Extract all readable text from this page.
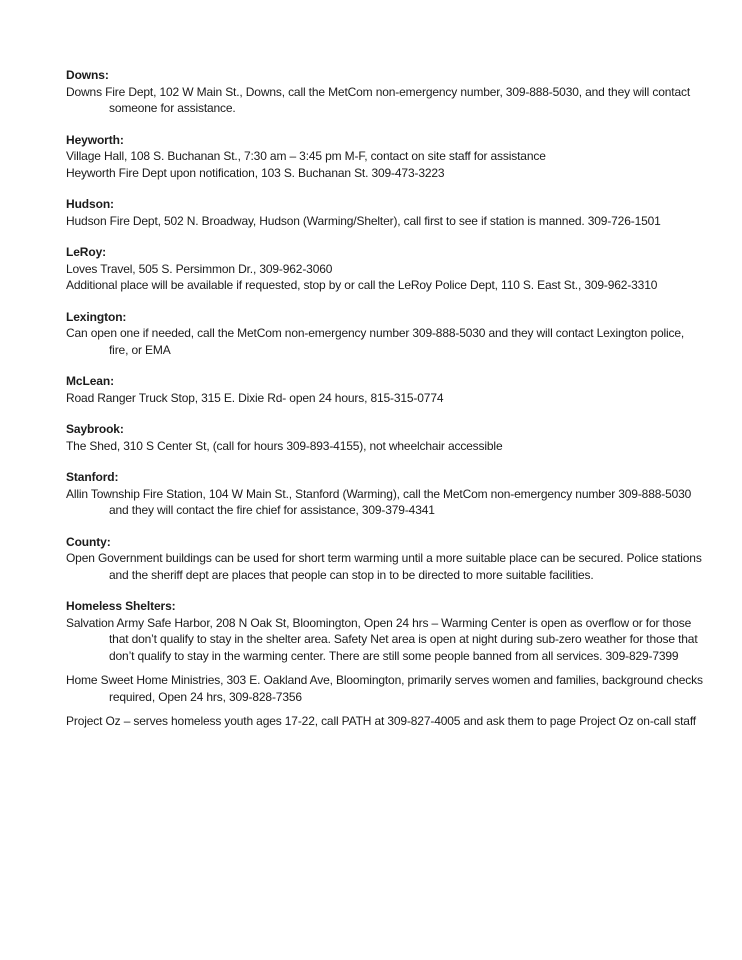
Downs:
Downs Fire Dept, 102 W Main St., Downs, call the MetCom non-emergency number, 309-888-5030, and they will contact someone for assistance.
Heyworth:
Village Hall, 108 S. Buchanan St., 7:30 am – 3:45 pm M-F, contact on site staff for assistance
Heyworth Fire Dept upon notification, 103 S. Buchanan St. 309-473-3223
Hudson:
Hudson Fire Dept, 502 N. Broadway, Hudson (Warming/Shelter), call first to see if station is manned. 309-726-1501
LeRoy:
Loves Travel, 505 S. Persimmon Dr., 309-962-3060
Additional place will be available if requested, stop by or call the LeRoy Police Dept, 110 S. East St., 309-962-3310
Lexington:
Can open one if needed, call the MetCom non-emergency number 309-888-5030 and they will contact Lexington police, fire, or EMA
McLean:
Road Ranger Truck Stop, 315 E. Dixie Rd- open 24 hours, 815-315-0774
Saybrook:
The Shed, 310 S Center St, (call for hours 309-893-4155), not wheelchair accessible
Stanford:
Allin Township Fire Station, 104 W Main St., Stanford (Warming), call the MetCom non-emergency number 309-888-5030 and they will contact the fire chief for assistance, 309-379-4341
County:
Open Government buildings can be used for short term warming until a more suitable place can be secured. Police stations and the sheriff dept are places that people can stop in to be directed to more suitable facilities.
Homeless Shelters:
Salvation Army Safe Harbor, 208 N Oak St, Bloomington, Open 24 hrs – Warming Center is open as overflow or for those that don’t qualify to stay in the shelter area. Safety Net area is open at night during sub-zero weather for those that don’t qualify to stay in the warming center. There are still some people banned from all services. 309-829-7399
Home Sweet Home Ministries, 303 E. Oakland Ave, Bloomington, primarily serves women and families, background checks required, Open 24 hrs, 309-828-7356
Project Oz – serves homeless youth ages 17-22, call PATH at 309-827-4005 and ask them to page Project Oz on-call staff
